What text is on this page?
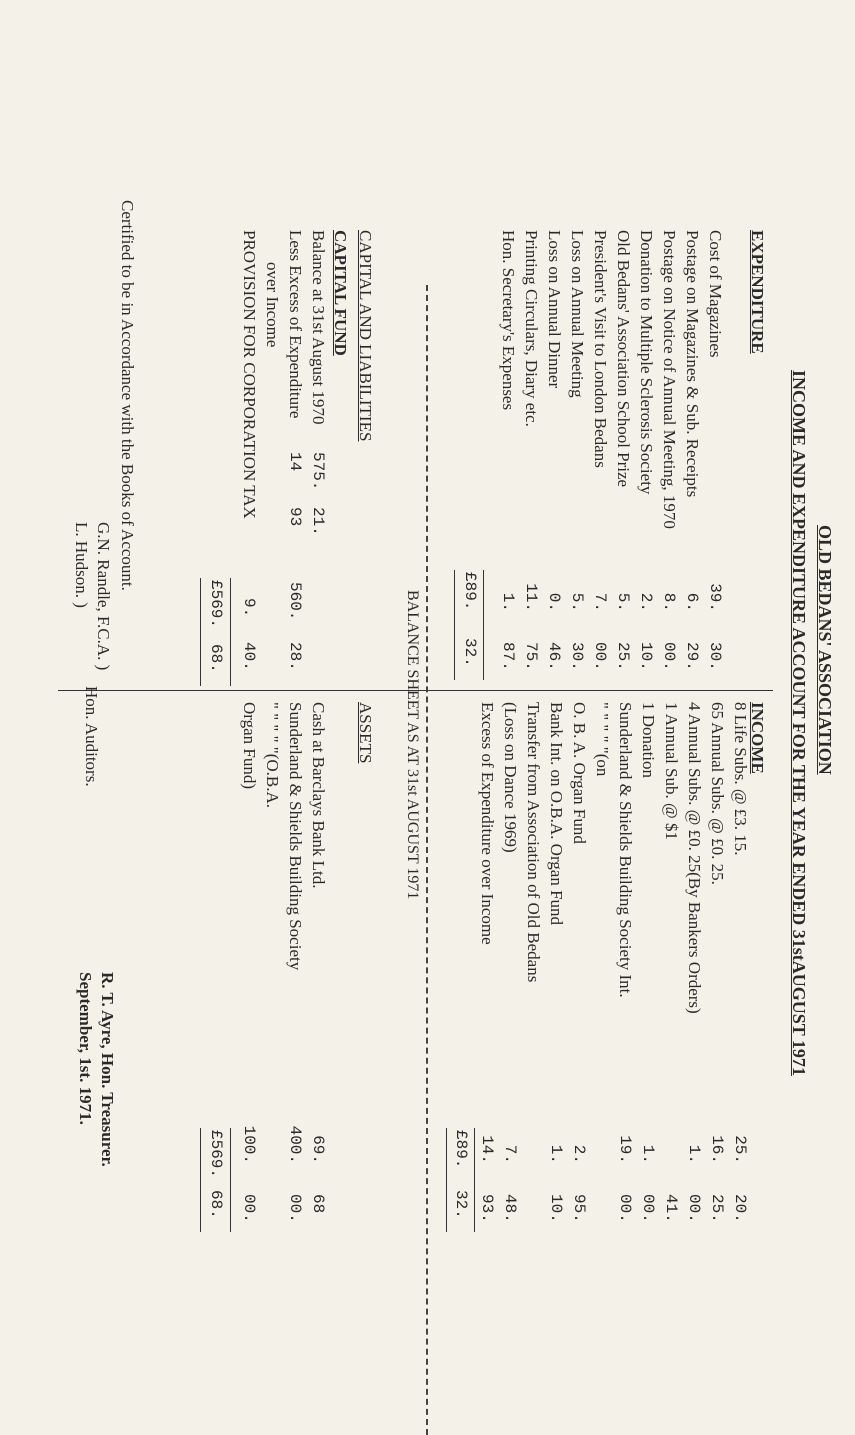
OLD BEDANS' ASSOCIATION
INCOME AND EXPENDITURE ACCOUNT FOR THE YEAR ENDED 31stAUGUST 1971
EXPENDITURE
Cost of Magazines
39.
30.
Postage on Magazines & Sub. Receipts
6.
29.
Postage on Notice of Annual Meeting, 1970
8.
00.
Donation to Multiple Sclerosis Society
2.
10.
Old Bedans' Association School Prize
5.
25.
President's Visit to London Bedans
7.
00.
Loss on Annual Meeting
5.
30.
Loss on Annual Dinner
0.
46.
Printing Circulars, Diary etc.
11.
75.
Hon. Secretary's Expenses
1.
87.
£89.
32.
INCOME
8 Life Subs. @ £3. 15.
25.
20.
65 Annual Subs. @ £0. 25.
16.
25.
4 Annual Subs. @ £0. 25(By Bankers Orders)
1.
00.
1 Annual Sub. @ $1
41.
1 Donation
1.
00.
Sunderland & Shields Building Society Int.
19.
00.
" " " " "(on
O. B. A. Organ Fund
2.
95.
Bank Int. on O.B.A. Organ Fund
1.
10.
Transfer from Association of Old Bedans
(Loss on Dance 1969)
7.
48.
Excess of Expenditure over Income
14.
93.
£89.
32.
BALANCE SHEET AS AT 31st AUGUST 1971
CAPITAL AND LIABILITIES
CAPITAL FUND
Balance at 31st August 1970
575.
21.
Less Excess of Expenditure
14
93
560.
28.
over Income
PROVISION FOR CORPORATION TAX
9.
40.
£569.
68.
ASSETS
Cash at Barclays Bank Ltd.
69.
68
Sunderland & Shields Building Society
400.
00.
" " " " "(O.B.A.
Organ Fund)
100.
00.
£569.
68.
Certified to be in Accordance with the Books of Account.
G.N. Randle, F.C.A. )
L. Hudson. )
Hon. Auditors.
R. T. Ayre, Hon. Treasurer.
September, 1st. 1971.
